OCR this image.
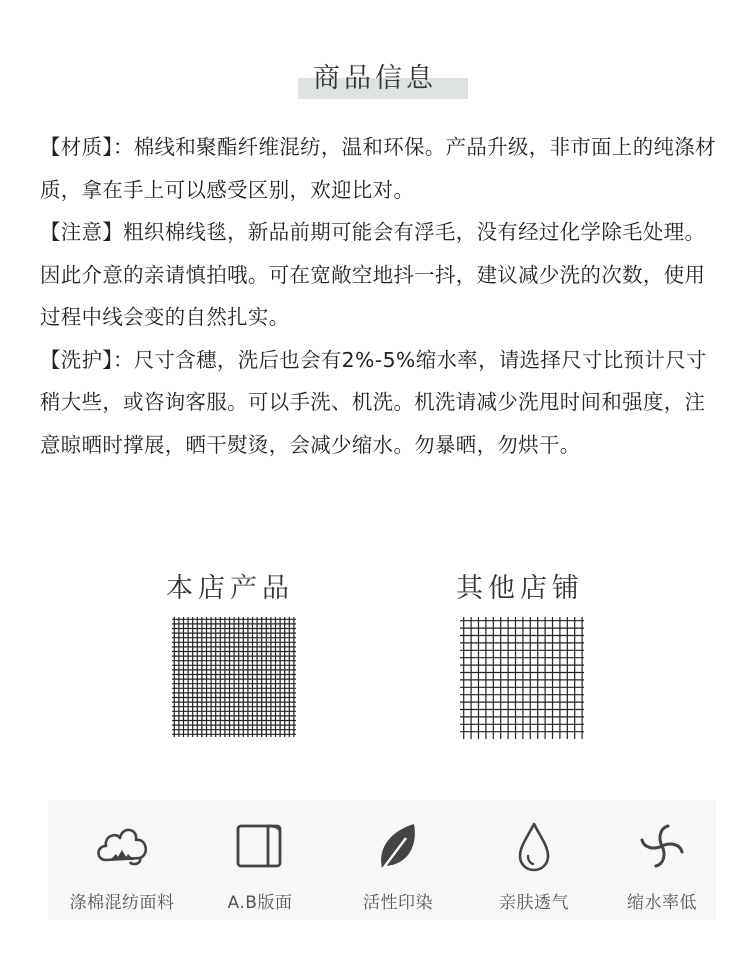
商品信息

【材质】：棉线和聚酯纤维混纺，温和环保。产品升级，非市面上的纯涤材质，拿在手上可以感受区别，欢迎比对。

【注意】粗织棉线毯，新品前期可能会有浮毛，没有经过化学除毛处理。因此介意的亲请慎拍哦。可在宽敞空地抖一抖，建议减少洗的次数，使用过程中线会变的自然扎实。

【洗护】：尺寸含穗，洗后也会有2%-5%缩水率，请选择尺寸比预计尺寸稍大些，或咨询客服。可以手洗、机洗。机洗请减少洗甩时间和强度，注意晾晒时撑展，晒干熨烫，会减少缩水。勿暴晒，勿烘干。

本店产品	其他店铺
涤棉混纺面料	A.B版面	活性印染	亲肤透气	缩水率低
